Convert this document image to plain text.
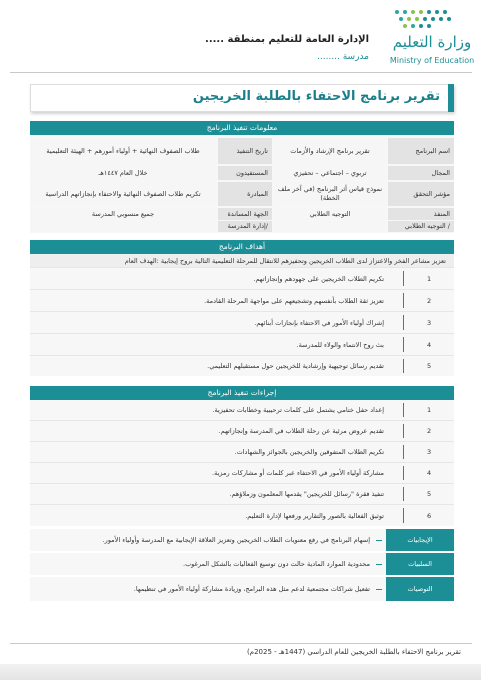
وزارة التعليم
Ministry of Education
الإدارة العامة للتعليم بمنطقة .....
مدرسة ........
تقرير برنامج الاحتفاء بالطلبة الخريجين
معلومات تنفيذ البرنامج
اسم البرنامج
تقرير برنامج الإرشاد والأزمات
تاريخ التنفيذ
طلاب الصفوف النهائية + أولياء أمورهم + الهيئة التعليمية
المجال
تربوي – اجتماعي – تحفيزي
المستفيدون
خلال العام ١٤٤٧هـ
مؤشر التحقق
نموذج قياس أثر البرنامج (في آخر ملف الخطة)
المبادرة
تكريم طلاب الصفوف النهائية والاحتفاء بإنجازاتهم الدراسية
المنفذ
التوجيه الطلابي
الجهة المساندة
جميع منسوبي المدرسة
/ التوجيه الطلابي
/إدارة المدرسة
أهداف البرنامج
تعزيز مشاعر الفخر والاعتزاز لدى الطلاب الخريجين وتحفيزهم للانتقال للمرحلة التعليمية التالية بروح إيجابية :الهدف العام
1
تكريم الطلاب الخريجين على جهودهم وإنجازاتهم.
2
تعزيز ثقة الطلاب بأنفسهم وتشجيعهم على مواجهة المرحلة القادمة.
3
إشراك أولياء الأمور في الاحتفاء بإنجازات أبنائهم.
4
بث روح الانتماء والولاء للمدرسة.
5
تقديم رسائل توجيهية وإرشادية للخريجين حول مستقبلهم التعليمي.
إجراءات تنفيذ البرنامج
1
إعداد حفل ختامي يشتمل على كلمات ترحيبية وخطابات تحفيزية.
2
تقديم عروض مرئية عن رحلة الطلاب في المدرسة وإنجازاتهم.
3
تكريم الطلاب المتفوقين والخريجين بالجوائز والشهادات.
4
مشاركة أولياء الأمور في الاحتفاء عبر كلمات أو مشاركات رمزية.
5
تنفيذ فقرة "رسائل للخريجين" يقدمها المعلمون وزملاؤهم.
6
توثيق الفعالية بالصور والتقارير ورفعها لإدارة التعليم.
الإيجابيات
إسهام البرنامج في رفع معنويات الطلاب الخريجين وتعزيز العلاقة الإيجابية مع المدرسة وأولياء الأمور.
السلبيات
محدودية الموارد المادية حالت دون توسيع الفعاليات بالشكل المرغوب.
التوصيات
تفعيل شراكات مجتمعية لدعم مثل هذه البرامج، وزيادة مشاركة أولياء الأمور في تنظيمها.
تقرير برنامج الاحتفاء بالطلبة الخريجين للعام الدراسي (1447هـ - 2025م)
